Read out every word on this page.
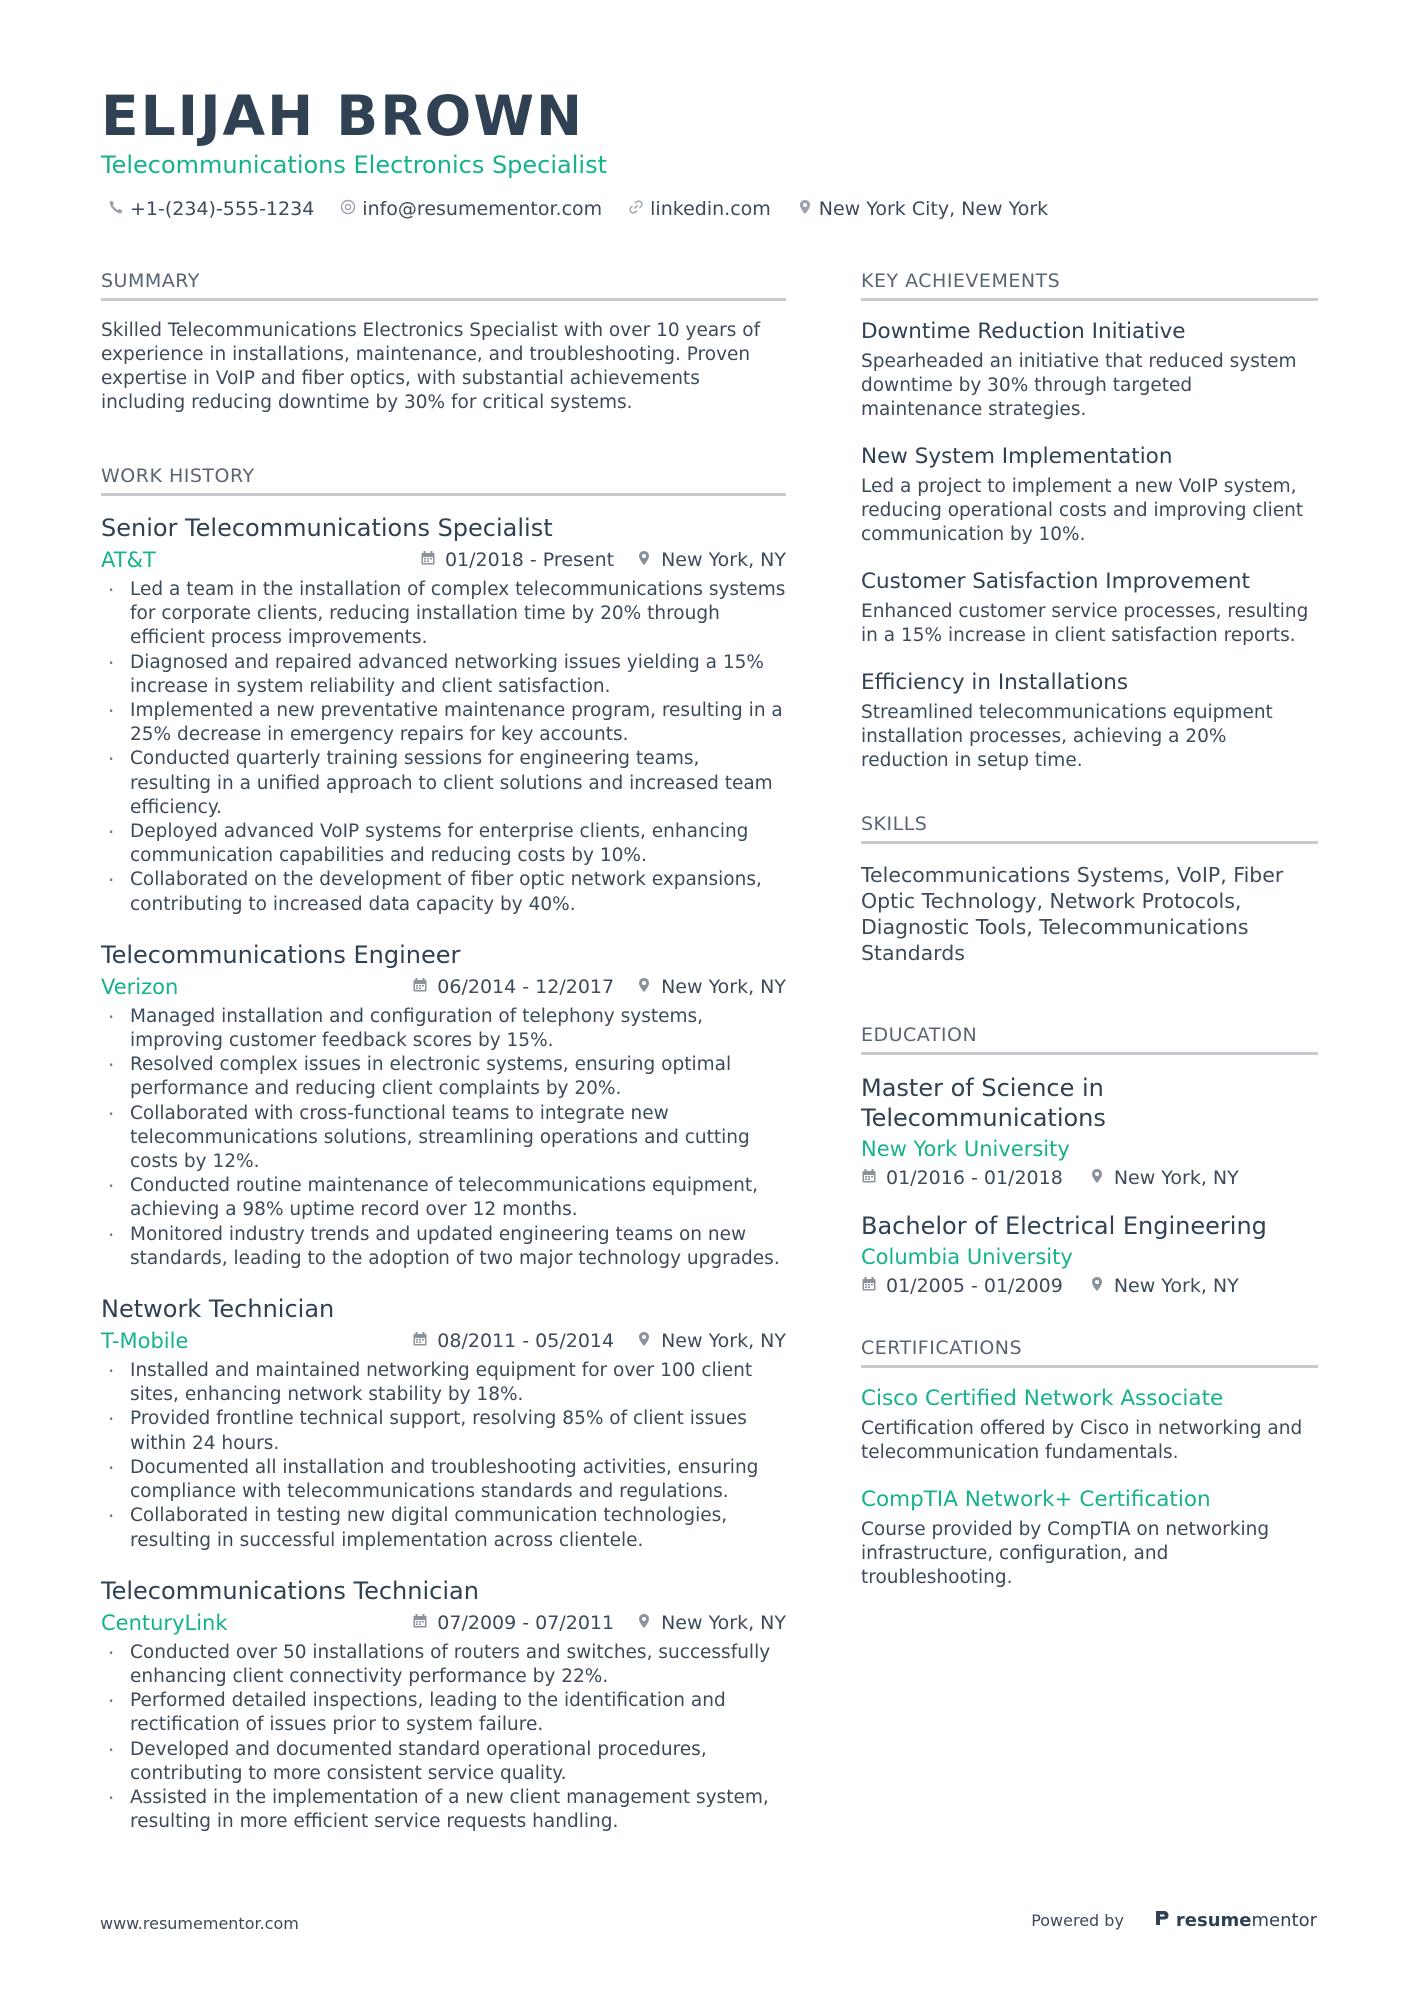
ELIJAH BROWN
Telecommunications Electronics Specialist
+1-(234)-555-1234	info@resumementor.com	linkedin.com	New York City, New York
SUMMARY
Skilled Telecommunications Electronics Specialist with over 10 years of experience in installations, maintenance, and troubleshooting. Proven expertise in VoIP and fiber optics, with substantial achievements including reducing downtime by 30% for critical systems.
WORK HISTORY
Senior Telecommunications Specialist
AT&T	01/2018 - Present New York, NY
· Led a team in the installation of complex telecommunications systems for corporate clients, reducing installation time by 20% through efficient process improvements.
· Diagnosed and repaired advanced networking issues yielding a 15% increase in system reliability and client satisfaction.
· Implemented a new preventative maintenance program, resulting in a 25% decrease in emergency repairs for key accounts.
· Conducted quarterly training sessions for engineering teams, resulting in a unified approach to client solutions and increased team efficiency.
· Deployed advanced VoIP systems for enterprise clients, enhancing communication capabilities and reducing costs by 10%.
· Collaborated on the development of fiber optic network expansions, contributing to increased data capacity by 40%.
Telecommunications Engineer
Verizon	06/2014 - 12/2017 New York, NY
· Managed installation and configuration of telephony systems, improving customer feedback scores by 15%.
· Resolved complex issues in electronic systems, ensuring optimal performance and reducing client complaints by 20%.
· Collaborated with cross-functional teams to integrate new telecommunications solutions, streamlining operations and cutting costs by 12%.
· Conducted routine maintenance of telecommunications equipment, achieving a 98% uptime record over 12 months.
· Monitored industry trends and updated engineering teams on new standards, leading to the adoption of two major technology upgrades.
Network Technician
T-Mobile	08/2011 - 05/2014 New York, NY
· Installed and maintained networking equipment for over 100 client sites, enhancing network stability by 18%.
· Provided frontline technical support, resolving 85% of client issues within 24 hours.
· Documented all installation and troubleshooting activities, ensuring compliance with telecommunications standards and regulations.
· Collaborated in testing new digital communication technologies, resulting in successful implementation across clientele.
Telecommunications Technician
CenturyLink	07/2009 - 07/2011 New York, NY
· Conducted over 50 installations of routers and switches, successfully enhancing client connectivity performance by 22%.
· Performed detailed inspections, leading to the identification and rectification of issues prior to system failure.
· Developed and documented standard operational procedures, contributing to more consistent service quality.
· Assisted in the implementation of a new client management system, resulting in more efficient service requests handling.
KEY ACHIEVEMENTS
Downtime Reduction Initiative
Spearheaded an initiative that reduced system downtime by 30% through targeted maintenance strategies.
New System Implementation
Led a project to implement a new VoIP system, reducing operational costs and improving client communication by 10%.
Customer Satisfaction Improvement
Enhanced customer service processes, resulting in a 15% increase in client satisfaction reports.
Efficiency in Installations
Streamlined telecommunications equipment installation processes, achieving a 20% reduction in setup time.
SKILLS
Telecommunications Systems, VoIP, Fiber Optic Technology, Network Protocols, Diagnostic Tools, Telecommunications Standards
EDUCATION
Master of Science in Telecommunications
New York University
01/2016 - 01/2018	New York, NY
Bachelor of Electrical Engineering
Columbia University
01/2005 - 01/2009	New York, NY
CERTIFICATIONS
Cisco Certified Network Associate
Certification offered by Cisco in networking and telecommunication fundamentals.
CompTIA Network+ Certification
Course provided by CompTIA on networking infrastructure, configuration, and troubleshooting.
www.resumementor.com	Powered by	resumementor
